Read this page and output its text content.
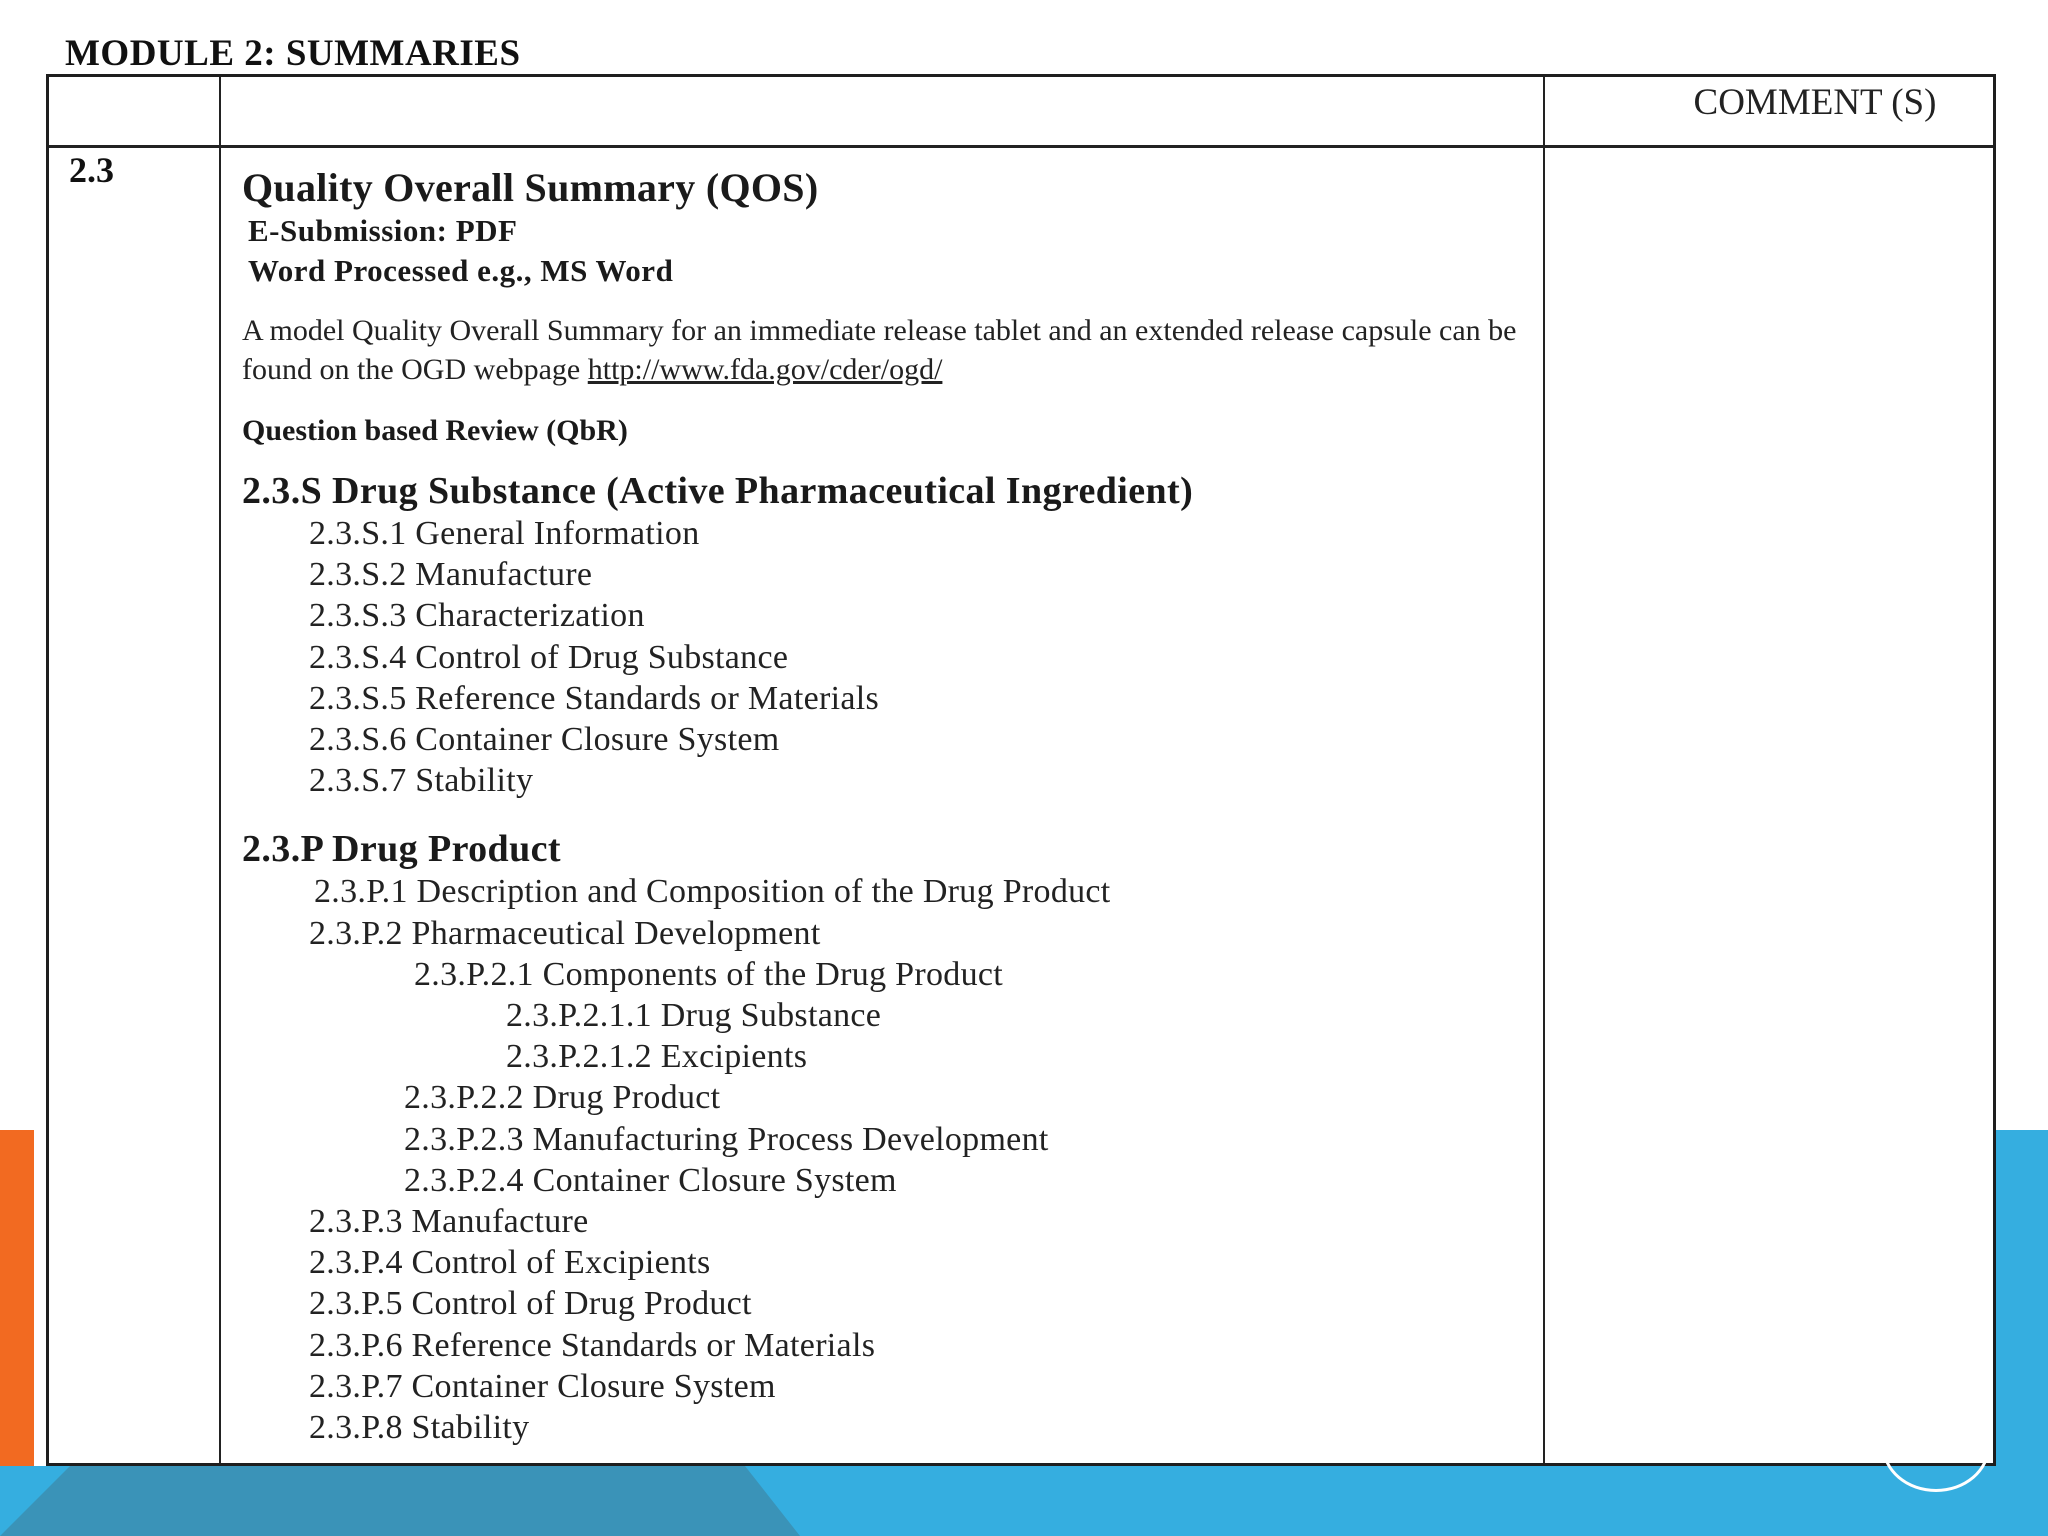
MODULE 2: SUMMARIES
COMMENT (S)
2.3	Quality Overall Summary (QOS)
E-Submission: PDF
Word Processed e.g., MS Word
A model Quality Overall Summary for an immediate release tablet and an extended release capsule can be found on the OGD webpage http://www.fda.gov/cder/ogd/
Question based Review (QbR)
2.3.S Drug Substance (Active Pharmaceutical Ingredient)
2.3.S.1 General Information
2.3.S.2 Manufacture
2.3.S.3 Characterization
2.3.S.4 Control of Drug Substance
2.3.S.5 Reference Standards or Materials
2.3.S.6 Container Closure System
2.3.S.7 Stability
2.3.P Drug Product
2.3.P.1 Description and Composition of the Drug Product
2.3.P.2 Pharmaceutical Development
2.3.P.2.1 Components of the Drug Product
2.3.P.2.1.1 Drug Substance
2.3.P.2.1.2 Excipients
2.3.P.2.2 Drug Product
2.3.P.2.3 Manufacturing Process Development
2.3.P.2.4 Container Closure System
2.3.P.3 Manufacture
2.3.P.4 Control of Excipients
2.3.P.5 Control of Drug Product
2.3.P.6 Reference Standards or Materials
2.3.P.7 Container Closure System
2.3.P.8 Stability
